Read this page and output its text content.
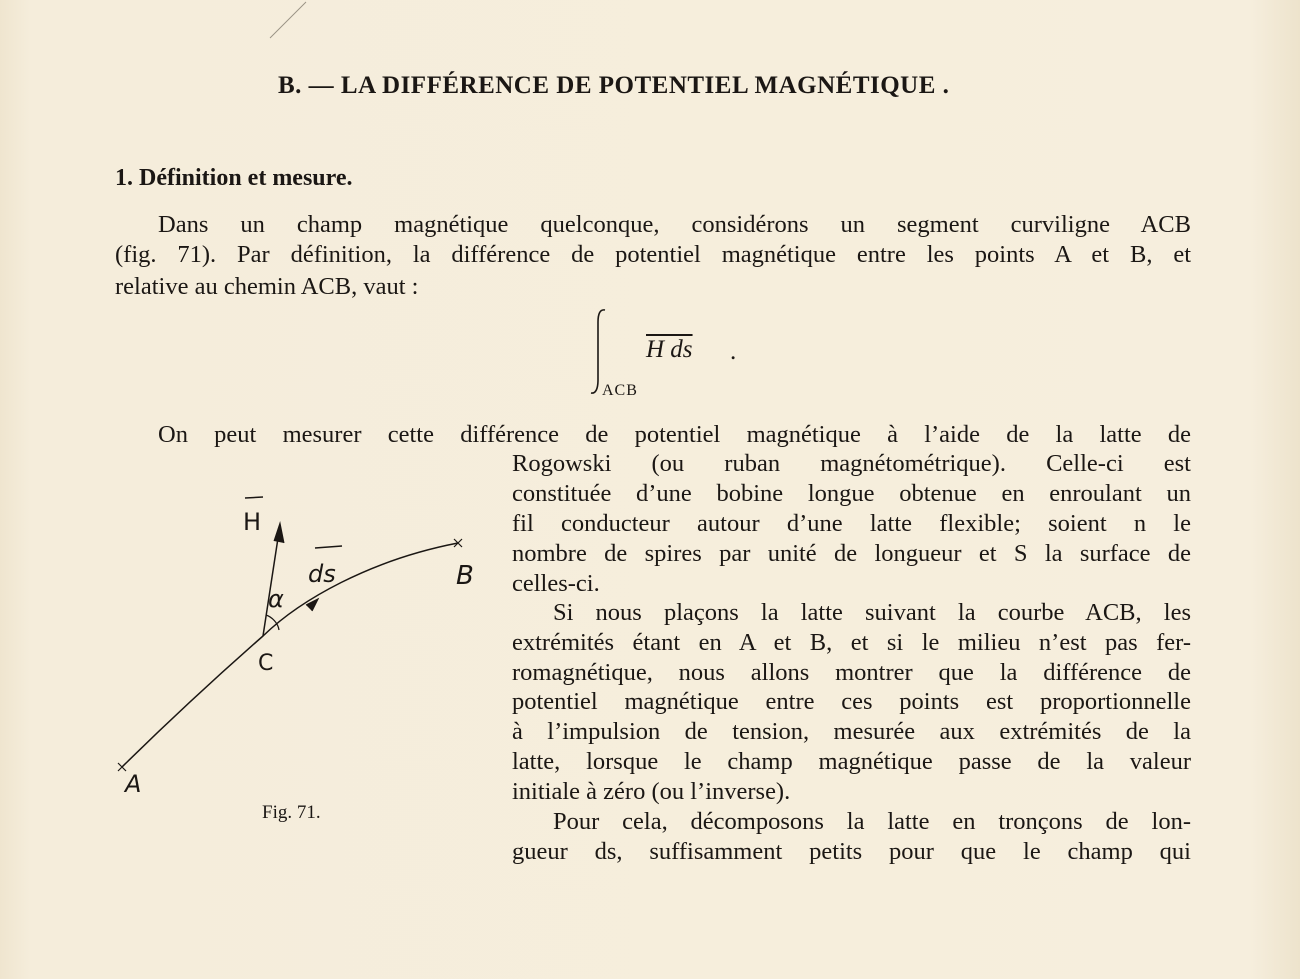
B. — LA DIFFÉRENCE DE POTENTIEL MAGNÉTIQUE .
1. Définition et mesure.
Dans un champ magnétique quelconque, considérons un segment curviligne ACB
(fig. 71). Par définition, la différence de potentiel magnétique entre les points A et B, et
relative au chemin ACB, vaut :
H ds .
ACB
On peut mesurer cette différence de potentiel magnétique à l’aide de la latte de
Rogowski (ou ruban magnétométrique). Celle-ci est
constituée d’une bobine longue obtenue en enroulant un
fil conducteur autour d’une latte flexible; soient n le
nombre de spires par unité de longueur et S la surface de
celles-ci.
Si nous plaçons la latte suivant la courbe ACB, les
extrémités étant en A et B, et si le milieu n’est pas fer-
romagnétique, nous allons montrer que la différence de
potentiel magnétique entre ces points est proportionnelle
à l’impulsion de tension, mesurée aux extrémités de la
latte, lorsque le champ magnétique passe de la valeur
initiale à zéro (ou l’inverse).
Pour cela, décomposons la latte en tronçons de lon-
gueur ds, suffisamment petits pour que le champ qui
H
ds	B
α
C
A
Fig. 71.
